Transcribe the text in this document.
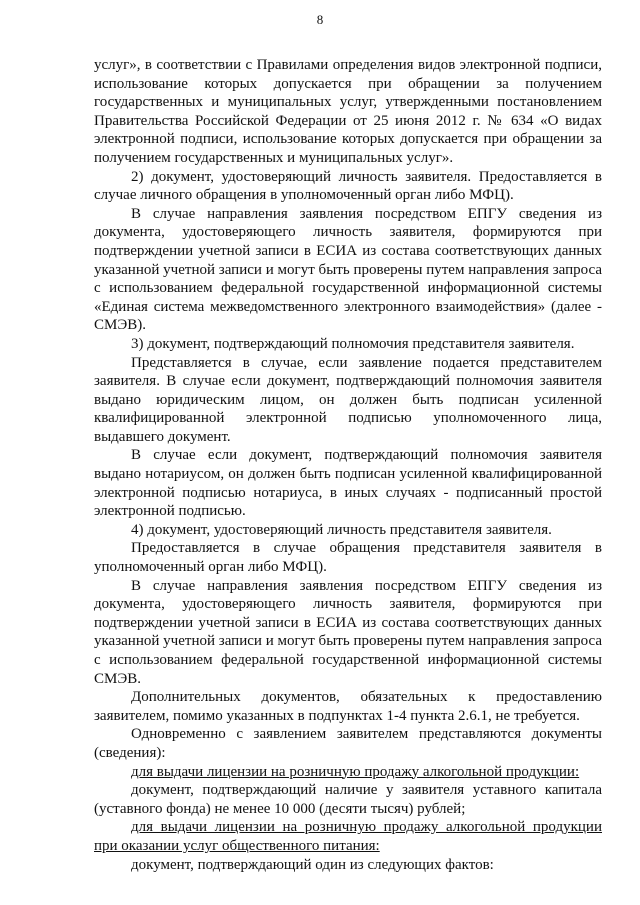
8

услуг», в соответствии с Правилами определения видов электронной подписи, использование которых допускается при обращении за получением государственных и муниципальных услуг, утвержденными постановлением Правительства Российской Федерации от 25 июня 2012 г. № 634 «О видах электронной подписи, использование которых допускается при обращении за получением государственных и муниципальных услуг».

2) документ, удостоверяющий личность заявителя. Предоставляется в случае личного обращения в уполномоченный орган либо МФЦ).

В случае направления заявления посредством ЕПГУ сведения из документа, удостоверяющего личность заявителя, формируются при подтверждении учетной записи в ЕСИА из состава соответствующих данных указанной учетной записи и могут быть проверены путем направления запроса с использованием федеральной государственной информационной системы «Единая система межведомственного электронного взаимодействия» (далее - СМЭВ).

3) документ, подтверждающий полномочия представителя заявителя.

Представляется в случае, если заявление подается представителем заявителя. В случае если документ, подтверждающий полномочия заявителя выдано юридическим лицом, он должен быть подписан усиленной квалифицированной электронной подписью уполномоченного лица, выдавшего документ.

В случае если документ, подтверждающий полномочия заявителя выдано нотариусом, он должен быть подписан усиленной квалифицированной электронной подписью нотариуса, в иных случаях - подписанный простой электронной подписью.

4) документ, удостоверяющий личность представителя заявителя.

Предоставляется в случае обращения представителя заявителя в уполномоченный орган либо МФЦ).

В случае направления заявления посредством ЕПГУ сведения из документа, удостоверяющего личность заявителя, формируются при подтверждении учетной записи в ЕСИА из состава соответствующих данных указанной учетной записи и могут быть проверены путем направления запроса с использованием федеральной государственной информационной системы СМЭВ.

Дополнительных документов, обязательных к предоставлению заявителем, помимо указанных в подпунктах 1-4 пункта 2.6.1, не требуется.

Одновременно с заявлением заявителем представляются документы (сведения):

для выдачи лицензии на розничную продажу алкогольной продукции:

документ, подтверждающий наличие у заявителя уставного капитала (уставного фонда) не менее 10 000 (десяти тысяч) рублей;

для выдачи лицензии на розничную продажу алкогольной продукции при оказании услуг общественного питания:

документ, подтверждающий один из следующих фактов:
